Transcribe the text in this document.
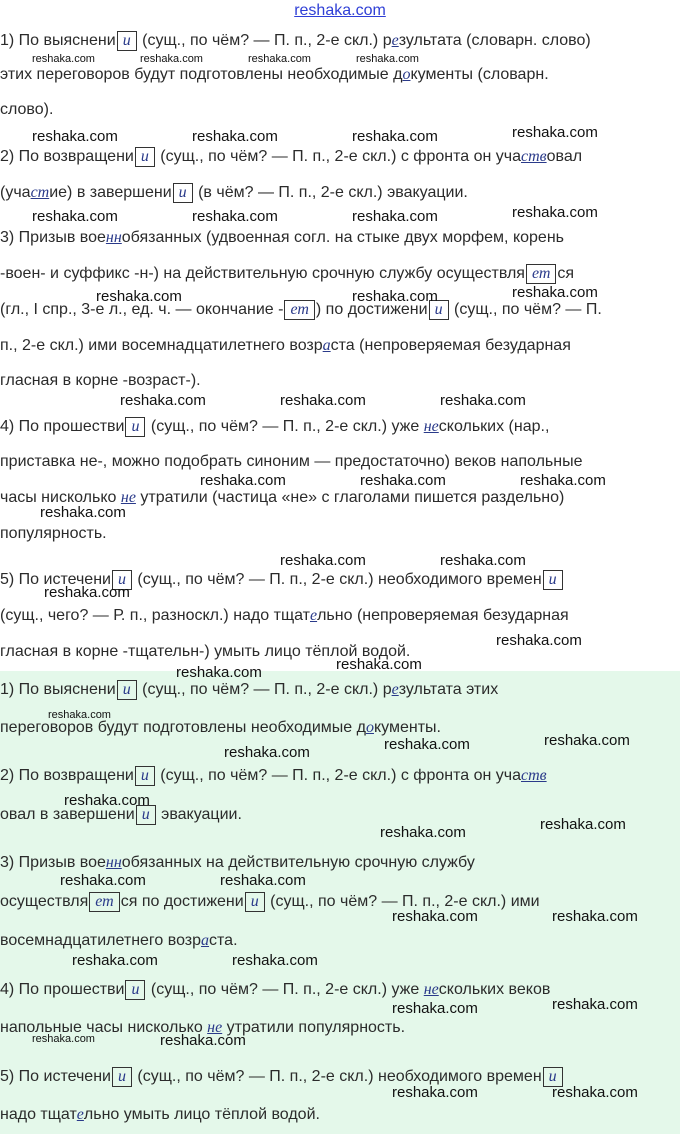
reshaka.com
1) По выяснени и (сущ., по чём? — П. п., 2-е скл.) результата (словарн. слово)
этих переговоров будут подготовлены необходимые документы (словарн.
слово).
2) По возвращени и (сущ., по чём? — П. п., 2-е скл.) с фронта он участвовал
(участие) в завершени и (в чём? — П. п., 2-е скл.) эвакуации.
3) Призыв военнобязанных (удвоенная согл. на стыке двух морфем, корень
-воен- и суффикс -н-) на действительную срочную службу осуществля ет ся
(гл., I спр., 3-е л., ед. ч. — окончание - ет ) по достижени и (сущ., по чём? — П.
п., 2-е скл.) ими восемнадцатилетнего возраста (непроверяемая безударная
гласная в корне -возраст-).
4) По прошестви и (сущ., по чём? — П. п., 2-е скл.) уже нескольких (нар.,
приставка не-, можно подобрать синоним — предостаточно) веков напольные
часы нисколько не утратили (частица «не» с глаголами пишется раздельно)
популярность.
5) По истечени и (сущ., по чём? — П. п., 2-е скл.) необходимого времен и
(сущ., чего? — Р. п., разноскл.) надо тщательно (непроверяемая безударная
гласная в корне -тщательн-) умыть лицо тёплой водой.
1) По выяснени и (сущ., по чём? — П. п., 2-е скл.) результата этих
переговоров будут подготовлены необходимые документы.
2) По возвращени и (сущ., по чём? — П. п., 2-е скл.) с фронта он участв
овал в завершени и эвакуации.
3) Призыв военнобязанных на действительную срочную службу
осуществля ет ся по достижени и (сущ., по чём? — П. п., 2-е скл.) ими
восемнадцатилетнего возраста.
4) По прошестви и (сущ., по чём? — П. п., 2-е скл.) уже нескольких веков
напольные часы нисколько не утратили популярность.
5) По истечени и (сущ., по чём? — П. п., 2-е скл.) необходимого времен и
надо тщательно умыть лицо тёплой водой.
reshaka.com	reshaka.com	reshaka.com	reshaka.com
reshaka.com	reshaka.com	reshaka.com	reshaka.com
reshaka.com	reshaka.com	reshaka.com	reshaka.com
reshaka.com	reshaka.com	reshaka.com
reshaka.com	reshaka.com	reshaka.com
reshaka.com	reshaka.com	reshaka.com
reshaka.com
reshaka.com	reshaka.com
reshaka.com
reshaka.com
reshaka.com	reshaka.com
reshaka.com
reshaka.com	reshaka.com	reshaka.com
reshaka.com
reshaka.com	reshaka.com
reshaka.com	reshaka.com
reshaka.com	reshaka.com
reshaka.com	reshaka.com
reshaka.com	reshaka.com
reshaka.com	reshaka.com
reshaka.com	reshaka.com
